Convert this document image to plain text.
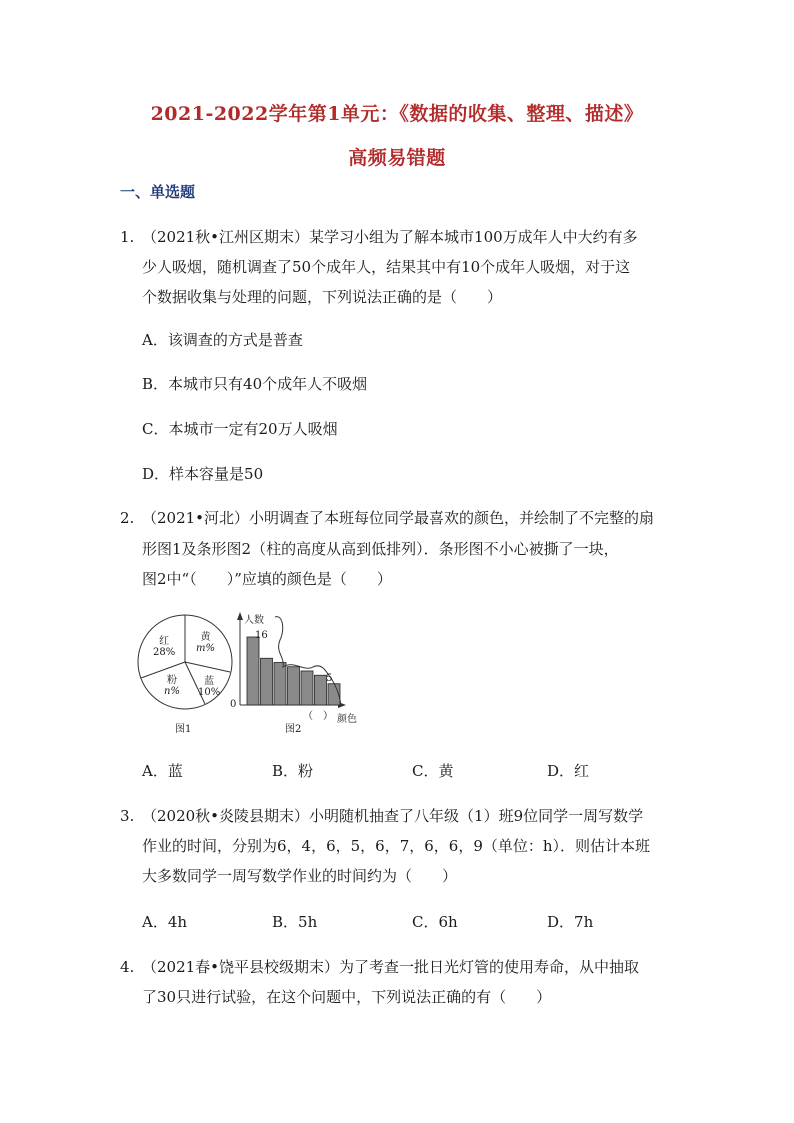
2021-2022学年第1单元：《数据的收集、整理、描述》
高频易错题
一、单选题
1. （2021秋•江州区期末）某学习小组为了解本城市100万成年人中大约有多
少人吸烟，随机调查了50个成年人，结果其中有10个成年人吸烟，对于这
个数据收集与处理的问题，下列说法正确的是（　　）
A．该调查的方式是普查
B．本城市只有40个成年人不吸烟
C．本城市一定有20万人吸烟
D．样本容量是50
2. （2021•河北）小明调查了本班每位同学最喜欢的颜色，并绘制了不完整的扇
形图1及条形图2（柱的高度从高到低排列）．条形图不小心被撕了一块，
图2中“（　　）”应填的颜色是（　　）
红
28%
黄
m%
粉
n%
蓝
10%
人数
16
5
0
（　） 颜色
图1	图2
A．蓝	B．粉	C．黄	D．红
3. （2020秋•炎陵县期末）小明随机抽查了八年级（1）班9位同学一周写数学
作业的时间，分别为6，4，6，5，6，7，6，6，9（单位：h）．则估计本班
大多数同学一周写数学作业的时间约为（　　）
A．4h	B．5h	C．6h	D．7h
4. （2021春•饶平县校级期末）为了考查一批日光灯管的使用寿命，从中抽取
了30只进行试验，在这个问题中，下列说法正确的有（　　）
